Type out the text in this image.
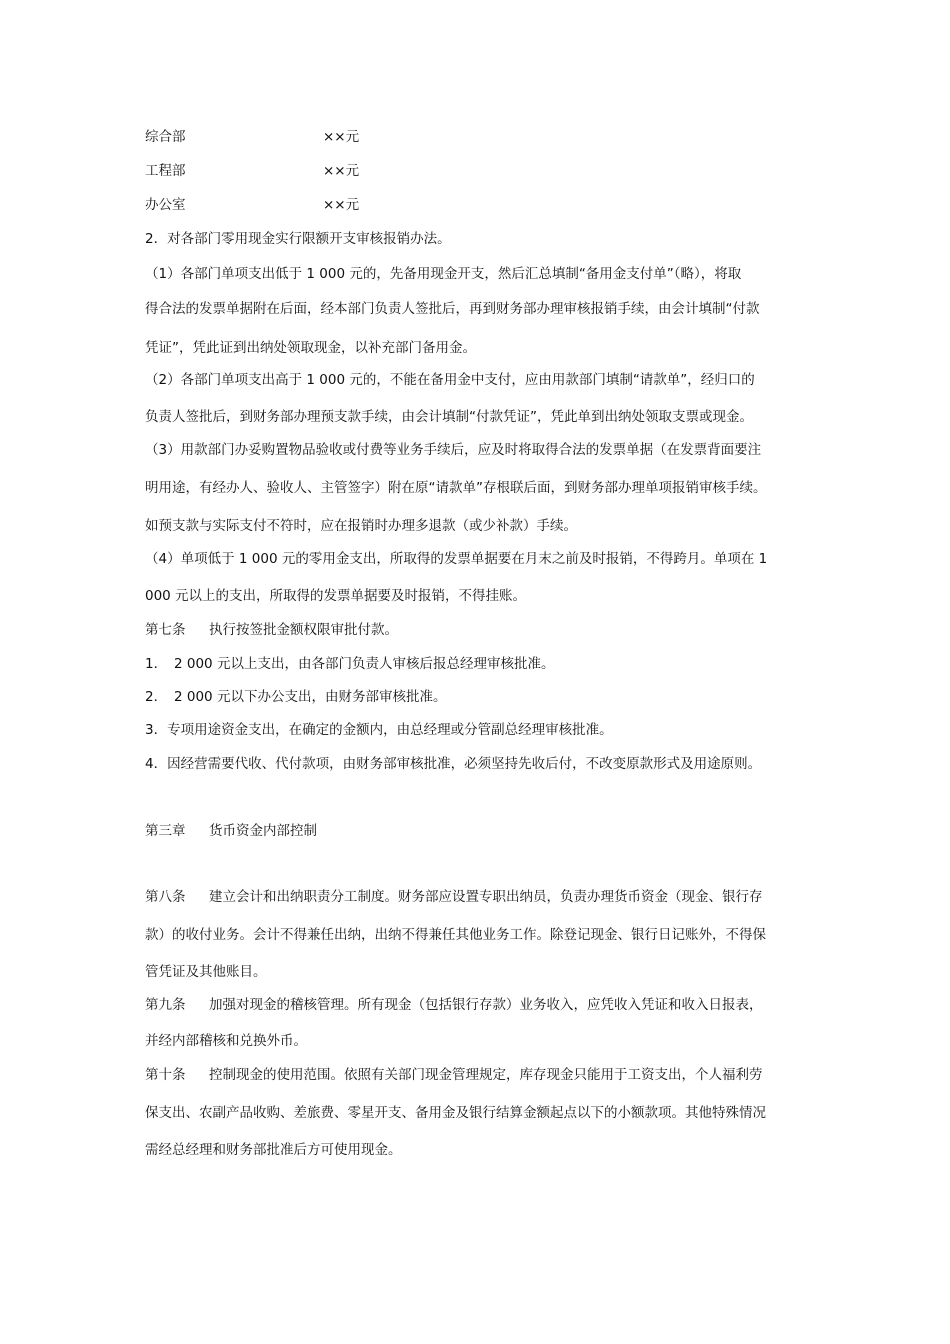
综合部	××元
工程部	××元
办公室	××元
2．对各部门零用现金实行限额开支审核报销办法。
（1）各部门单项支出低于 1 000 元的，先备用现金开支，然后汇总填制“备用金支付单”（略），将取
得合法的发票单据附在后面，经本部门负责人签批后，再到财务部办理审核报销手续，由会计填制“付款
凭证”，凭此证到出纳处领取现金，以补充部门备用金。
（2）各部门单项支出高于 1 000 元的，不能在备用金中支付，应由用款部门填制“请款单”，经归口的
负责人签批后，到财务部办理预支款手续，由会计填制“付款凭证”，凭此单到出纳处领取支票或现金。
（3）用款部门办妥购置物品验收或付费等业务手续后，应及时将取得合法的发票单据（在发票背面要注
明用途，有经办人、验收人、主管签字）附在原“请款单”存根联后面，到财务部办理单项报销审核手续。
如预支款与实际支付不符时，应在报销时办理多退款（或少补款）手续。
（4）单项低于 1 000 元的零用金支出，所取得的发票单据要在月末之前及时报销，不得跨月。单项在 1
000 元以上的支出，所取得的发票单据要及时报销，不得挂账。
第七条 执行按签批金额权限审批付款。
1． 2 000 元以上支出，由各部门负责人审核后报总经理审核批准。
2． 2 000 元以下办公支出，由财务部审核批准。
3．专项用途资金支出，在确定的金额内，由总经理或分管副总经理审核批准。
4．因经营需要代收、代付款项，由财务部审核批准，必须坚持先收后付，不改变原款形式及用途原则。
第三章 货币资金内部控制
第八条 建立会计和出纳职责分工制度。财务部应设置专职出纳员，负责办理货币资金（现金、银行存
款）的收付业务。会计不得兼任出纳，出纳不得兼任其他业务工作。除登记现金、银行日记账外，不得保
管凭证及其他账目。
第九条 加强对现金的稽核管理。所有现金（包括银行存款）业务收入，应凭收入凭证和收入日报表，
并经内部稽核和兑换外币。
第十条 控制现金的使用范围。依照有关部门现金管理规定，库存现金只能用于工资支出，个人福利劳
保支出、农副产品收购、差旅费、零星开支、备用金及银行结算金额起点以下的小额款项。其他特殊情况
需经总经理和财务部批准后方可使用现金。
